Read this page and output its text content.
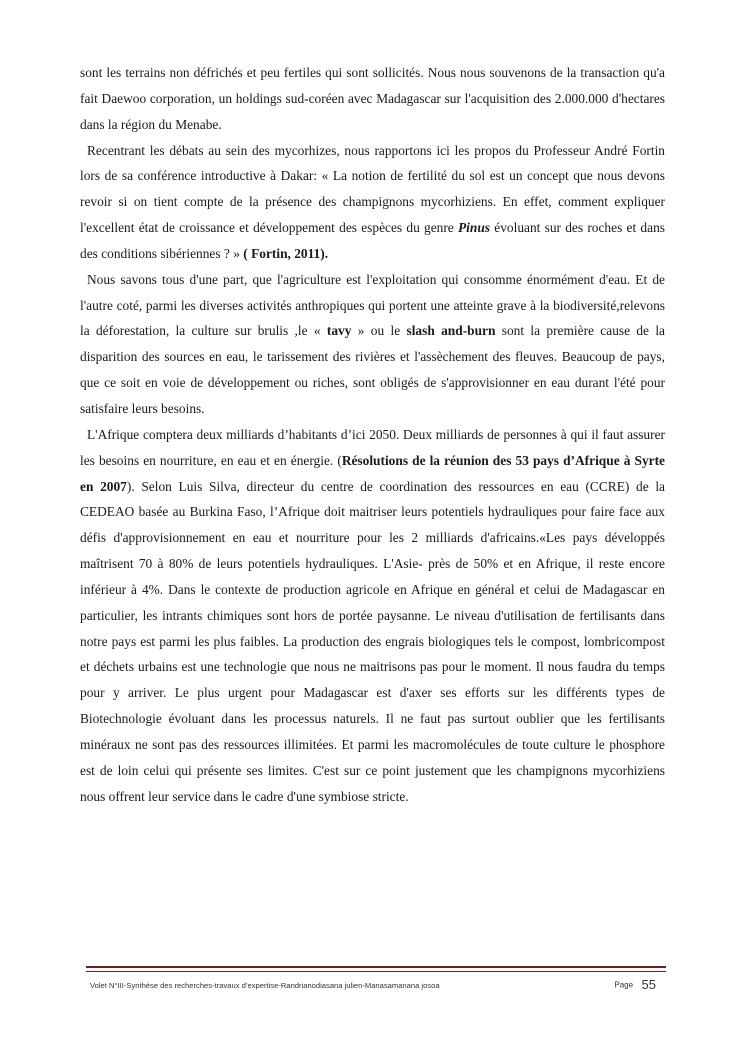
sont les terrains non défrichés et peu fertiles qui sont sollicités. Nous nous souvenons de la transaction qu'a fait Daewoo corporation, un holdings sud-coréen avec Madagascar sur l'acquisition des 2.000.000 d'hectares dans la région du Menabe.

Recentrant les débats au sein des mycorhizes, nous rapportons ici les propos du Professeur André Fortin lors de sa conférence introductive à Dakar: « La notion de fertilité du sol est un concept que nous devons revoir si on tient compte de la présence des champignons mycorhiziens. En effet, comment expliquer l'excellent état de croissance et développement des espèces du genre Pinus évoluant sur des roches et dans des conditions sibériennes ? » ( Fortin, 2011).

Nous savons tous d'une part, que l'agriculture est l'exploitation qui consomme énormément d'eau. Et de l'autre coté, parmi les diverses activités anthropiques qui portent une atteinte grave à la biodiversité,relevons la déforestation, la culture sur brulis ,le « tavy » ou le slash and-burn sont la première cause de la disparition des sources en eau, le tarissement des rivières et l'assèchement des fleuves. Beaucoup de pays, que ce soit en voie de développement ou riches, sont obligés de s'approvisionner en eau durant l'été pour satisfaire leurs besoins.

L'Afrique comptera deux milliards d’habitants d’ici 2050. Deux milliards de personnes à qui il faut assurer les besoins en nourriture, en eau et en énergie. (Résolutions de la réunion des 53 pays d’Afrique à Syrte en 2007). Selon Luis Silva, directeur du centre de coordination des ressources en eau (CCRE) de la CEDEAO basée au Burkina Faso, l’Afrique doit maitriser leurs potentiels hydrauliques pour faire face aux défis d'approvisionnement en eau et nourriture pour les 2 milliards d'africains.«Les pays développés maîtrisent 70 à 80% de leurs potentiels hydrauliques. L'Asie- près de 50% et en Afrique, il reste encore inférieur à 4%. Dans le contexte de production agricole en Afrique en général et celui de Madagascar en particulier, les intrants chimiques sont hors de portée paysanne. Le niveau d'utilisation de fertilisants dans notre pays est parmi les plus faibles. La production des engrais biologiques tels le compost, lombricompost et déchets urbains est une technologie que nous ne maitrisons pas pour le moment. Il nous faudra du temps pour y arriver. Le plus urgent pour Madagascar est d'axer ses efforts sur les différents types de Biotechnologie évoluant dans les processus naturels. Il ne faut pas surtout oublier que les fertilisants minéraux ne sont pas des ressources illimitées. Et parmi les macromolécules de toute culture le phosphore est de loin celui qui présente ses limites. C'est sur ce point justement que les champignons mycorhiziens nous offrent leur service dans le cadre d'une symbiose stricte.

Volet N°III-Synthèse des recherches-travaux d’expertise-Randrianodiasana julien-Manasamanana josoa	Page 55
